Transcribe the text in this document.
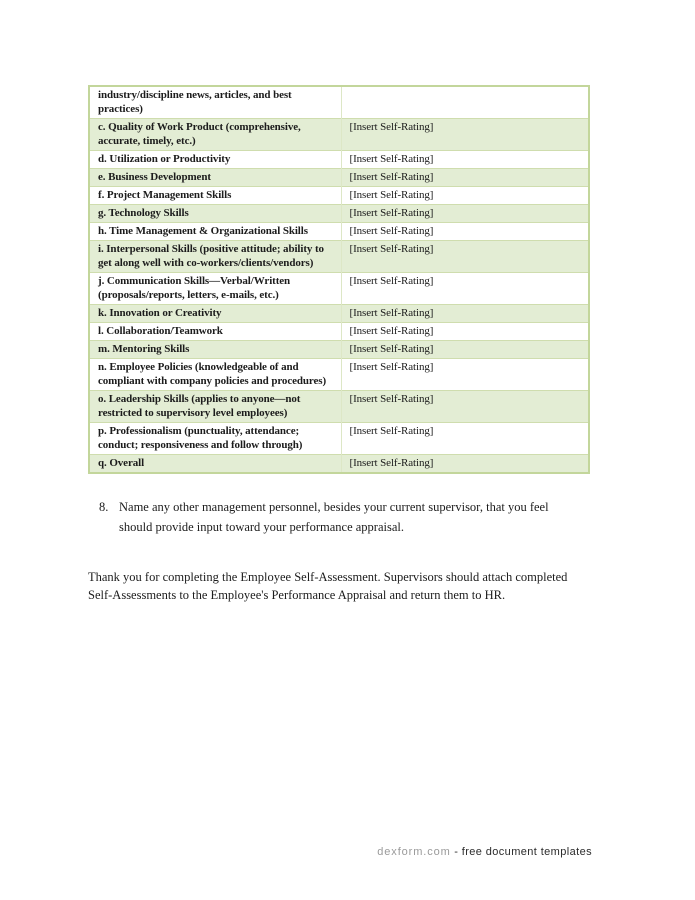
industry/discipline news, articles, and best practices)	
c. Quality of Work Product (comprehensive, accurate, timely, etc.)	[Insert Self-Rating]
d. Utilization or Productivity	[Insert Self-Rating]
e. Business Development	[Insert Self-Rating]
f. Project Management Skills	[Insert Self-Rating]
g. Technology Skills	[Insert Self-Rating]
h. Time Management & Organizational Skills	[Insert Self-Rating]
i. Interpersonal Skills (positive attitude; ability to get along well with co-workers/clients/vendors)	[Insert Self-Rating]
j. Communication Skills—Verbal/Written (proposals/reports, letters, e-mails, etc.)	[Insert Self-Rating]
k. Innovation or Creativity	[Insert Self-Rating]
l. Collaboration/Teamwork	[Insert Self-Rating]
m. Mentoring Skills	[Insert Self-Rating]
n. Employee Policies (knowledgeable of and compliant with company policies and procedures)	[Insert Self-Rating]
o. Leadership Skills (applies to anyone—not restricted to supervisory level employees)	[Insert Self-Rating]
p. Professionalism (punctuality, attendance; conduct; responsiveness and follow through)	[Insert Self-Rating]
q. Overall	[Insert Self-Rating]
8. Name any other management personnel, besides your current supervisor, that you feel should provide input toward your performance appraisal.

Thank you for completing the Employee Self-Assessment. Supervisors should attach completed Self-Assessments to the Employee's Performance Appraisal and return them to HR.

dexform.com - free document templates
